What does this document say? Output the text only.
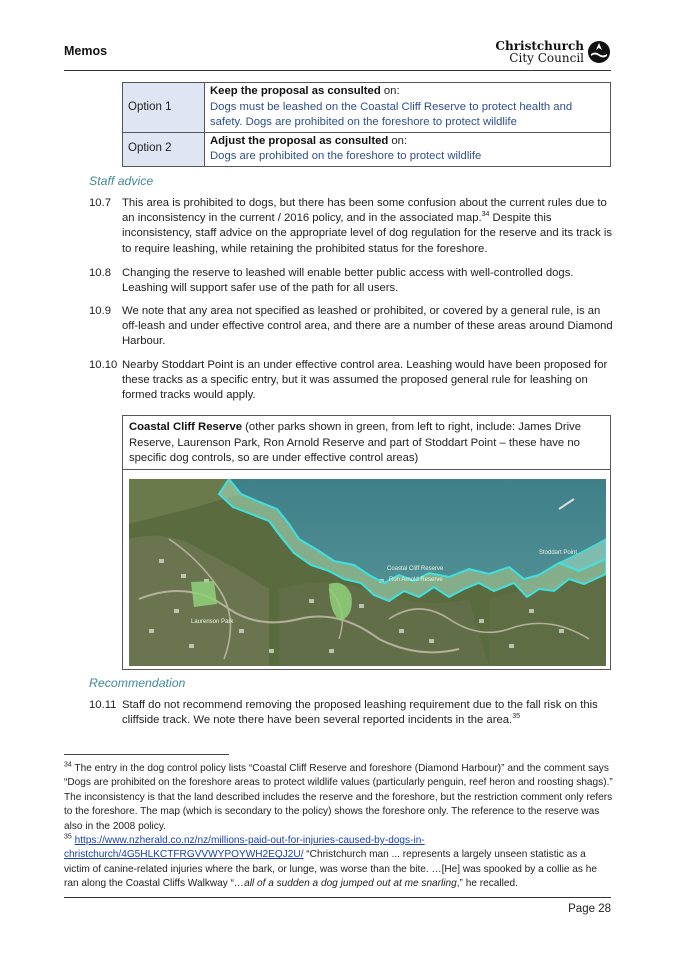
Memos	Christchurch
City Council
Option 1	Keep the proposal as consulted on:
Dogs must be leashed on the Coastal Cliff Reserve to protect health and safety. Dogs are prohibited on the foreshore to protect wildlife
Option 2	Adjust the proposal as consulted on:
Dogs are prohibited on the foreshore to protect wildlife
Staff advice
10.7 This area is prohibited to dogs, but there has been some confusion about the current rules due to an inconsistency in the current / 2016 policy, and in the associated map.$^{34}$ Despite this inconsistency, staff advice on the appropriate level of dog regulation for the reserve and its track is to require leashing, while retaining the prohibited status for the foreshore.
10.8 Changing the reserve to leashed will enable better public access with well-controlled dogs. Leashing will support safer use of the path for all users.
10.9 We note that any area not specified as leashed or prohibited, or covered by a general rule, is an off-leash and under effective control area, and there are a number of these areas around Diamond Harbour.
10.10 Nearby Stoddart Point is an under effective control area. Leashing would have been proposed for these tracks as a specific entry, but it was assumed the proposed general rule for leashing on formed tracks would apply.
Coastal Cliff Reserve (other parks shown in green, from left to right, include: James Drive Reserve, Laurenson Park, Ron Arnold Reserve and part of Stoddart Point – these have no specific dog controls, so are under effective control areas)
Coastal Cliff Reserve
Ron Arnold Reserve
Laurenson Park
Stoddart Point
Recommendation
10.11 Staff do not recommend removing the proposed leashing requirement due to the fall risk on this cliffside track. We note there have been several reported incidents in the area.$^{35}$
$^{34}$ The entry in the dog control policy lists “Coastal Cliff Reserve and foreshore (Diamond Harbour)” and the comment says “Dogs are prohibited on the foreshore areas to protect wildlife values (particularly penguin, reef heron and roosting shags).” The inconsistency is that the land described includes the reserve and the foreshore, but the restriction comment only refers to the foreshore. The map (which is secondary to the policy) shows the foreshore only. The reference to the reserve was also in the 2008 policy.
$^{35}$ https://www.nzherald.co.nz/nz/millions-paid-out-for-injuries-caused-by-dogs-in-christchurch/4G5HLKCTFRGVVWYPOYWH2EQJ2U/ “Christchurch man ... represents a largely unseen statistic as a victim of canine-related injuries where the bark, or lunge, was worse than the bite. …[He] was spooked by a collie as he ran along the Coastal Cliffs Walkway “…all of a sudden a dog jumped out at me snarling,” he recalled.
Page 28
